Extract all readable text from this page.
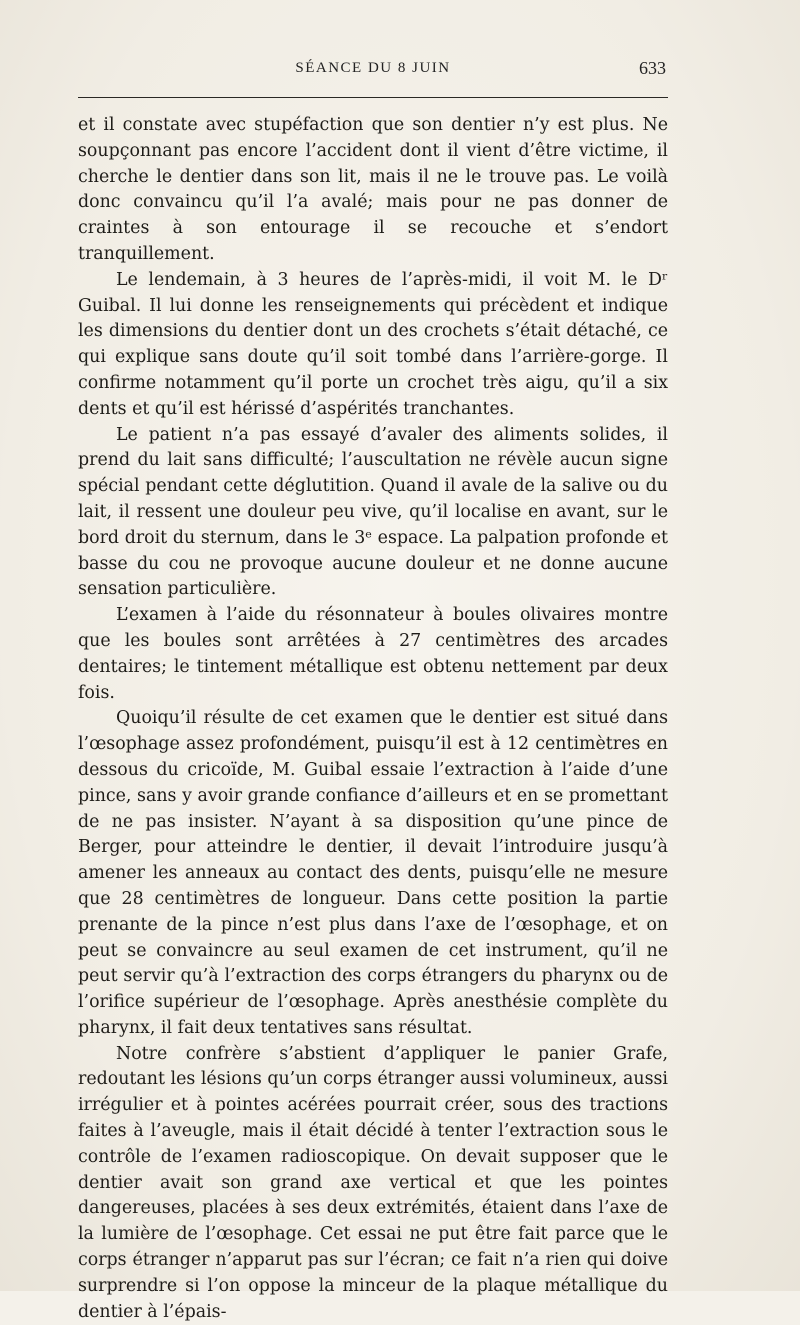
SÉANCE DU 8 JUIN	633

et il constate avec stupéfaction que son dentier n’y est plus. Ne soupçonnant pas encore l’accident dont il vient d’être victime, il cherche le dentier dans son lit, mais il ne le trouve pas. Le voilà donc convaincu qu’il l’a avalé; mais pour ne pas donner de craintes à son entourage il se recouche et s’endort tranquillement.

Le lendemain, à 3 heures de l’après-midi, il voit M. le Dʳ Guibal. Il lui donne les renseignements qui précèdent et indique les dimensions du dentier dont un des crochets s’était détaché, ce qui explique sans doute qu’il soit tombé dans l’arrière-gorge. Il confirme notamment qu’il porte un crochet très aigu, qu’il a six dents et qu’il est hérissé d’aspérités tranchantes.

Le patient n’a pas essayé d’avaler des aliments solides, il prend du lait sans difficulté; l’auscultation ne révèle aucun signe spécial pendant cette déglutition. Quand il avale de la salive ou du lait, il ressent une douleur peu vive, qu’il localise en avant, sur le bord droit du sternum, dans le 3ᵉ espace. La palpation profonde et basse du cou ne provoque aucune douleur et ne donne aucune sensation particulière.

L’examen à l’aide du résonnateur à boules olivaires montre que les boules sont arrêtées à 27 centimètres des arcades dentaires; le tintement métallique est obtenu nettement par deux fois.

Quoiqu’il résulte de cet examen que le dentier est situé dans l’œsophage assez profondément, puisqu’il est à 12 centimètres en dessous du cricoïde, M. Guibal essaie l’extraction à l’aide d’une pince, sans y avoir grande confiance d’ailleurs et en se promettant de ne pas insister. N’ayant à sa disposition qu’une pince de Berger, pour atteindre le dentier, il devait l’introduire jusqu’à amener les anneaux au contact des dents, puisqu’elle ne mesure que 28 centimètres de longueur. Dans cette position la partie prenante de la pince n’est plus dans l’axe de l’œsophage, et on peut se convaincre au seul examen de cet instrument, qu’il ne peut servir qu’à l’extraction des corps étrangers du pharynx ou de l’orifice supérieur de l’œsophage. Après anesthésie complète du pharynx, il fait deux tentatives sans résultat.

Notre confrère s’abstient d’appliquer le panier Grafe, redoutant les lésions qu’un corps étranger aussi volumineux, aussi irrégulier et à pointes acérées pourrait créer, sous des tractions faites à l’aveugle, mais il était décidé à tenter l’extraction sous le contrôle de l’examen radioscopique. On devait supposer que le dentier avait son grand axe vertical et que les pointes dangereuses, placées à ses deux extrémités, étaient dans l’axe de la lumière de l’œsophage. Cet essai ne put être fait parce que le corps étranger n’apparut pas sur l’écran; ce fait n’a rien qui doive surprendre si l’on oppose la minceur de la plaque métallique du dentier à l’épais-
